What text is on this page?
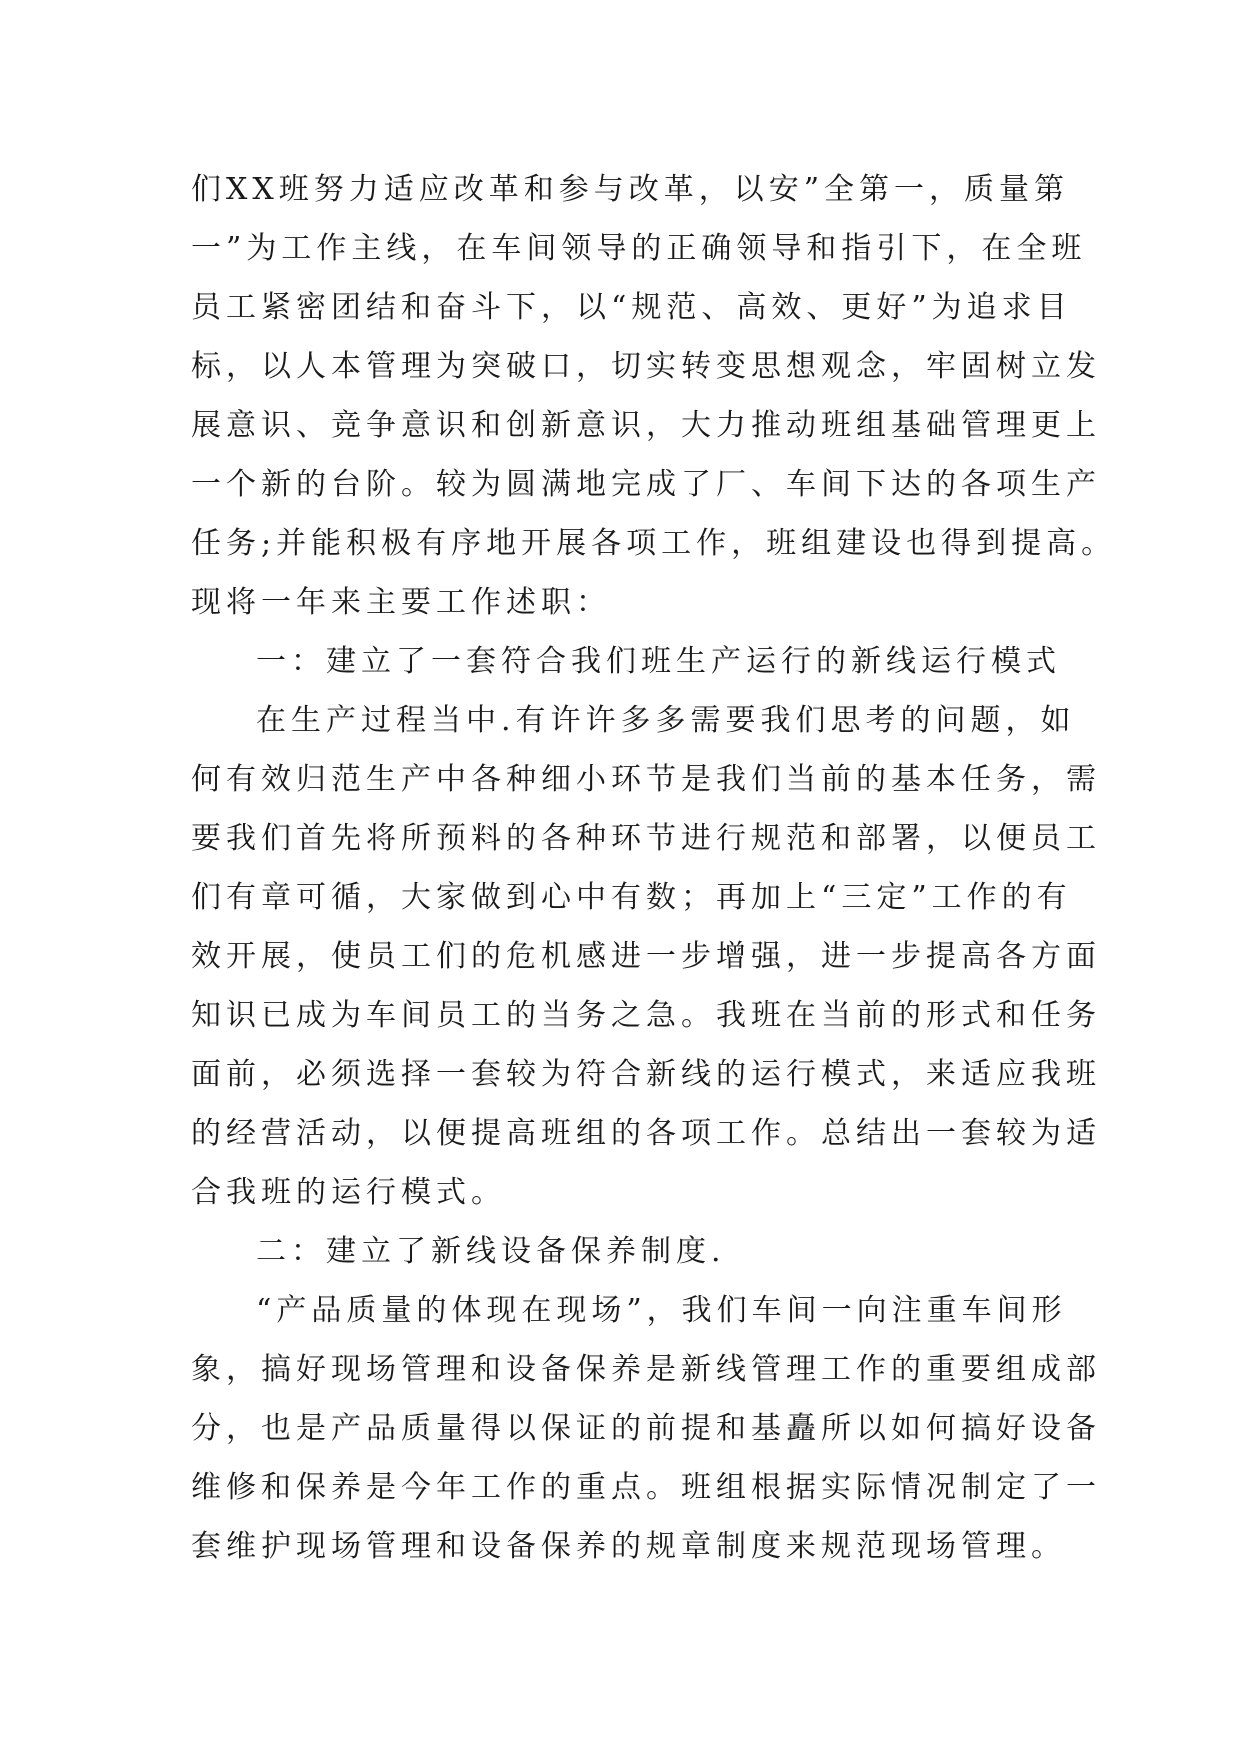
们XX班努力适应改革和参与改革，以安”全第一，质量第
一”为工作主线，在车间领导的正确领导和指引下，在全班
员工紧密团结和奋斗下，以“规范、高效、更好”为追求目
标，以人本管理为突破口，切实转变思想观念，牢固树立发
展意识、竞争意识和创新意识，大力推动班组基础管理更上
一个新的台阶。较为圆满地完成了厂、车间下达的各项生产
任务;并能积极有序地开展各项工作，班组建设也得到提高。
现将一年来主要工作述职：
一：建立了一套符合我们班生产运行的新线运行模式
在生产过程当中.有许许多多需要我们思考的问题，如
何有效归范生产中各种细小环节是我们当前的基本任务，需
要我们首先将所预料的各种环节进行规范和部署，以便员工
们有章可循，大家做到心中有数；再加上“三定”工作的有
效开展，使员工们的危机感进一步增强，进一步提高各方面
知识已成为车间员工的当务之急。我班在当前的形式和任务
面前，必须选择一套较为符合新线的运行模式，来适应我班
的经营活动，以便提高班组的各项工作。总结出一套较为适
合我班的运行模式。
二：建立了新线设备保养制度.
“产品质量的体现在现场”，我们车间一向注重车间形
象，搞好现场管理和设备保养是新线管理工作的重要组成部
分，也是产品质量得以保证的前提和基矗所以如何搞好设备
维修和保养是今年工作的重点。班组根据实际情况制定了一
套维护现场管理和设备保养的规章制度来规范现场管理。
